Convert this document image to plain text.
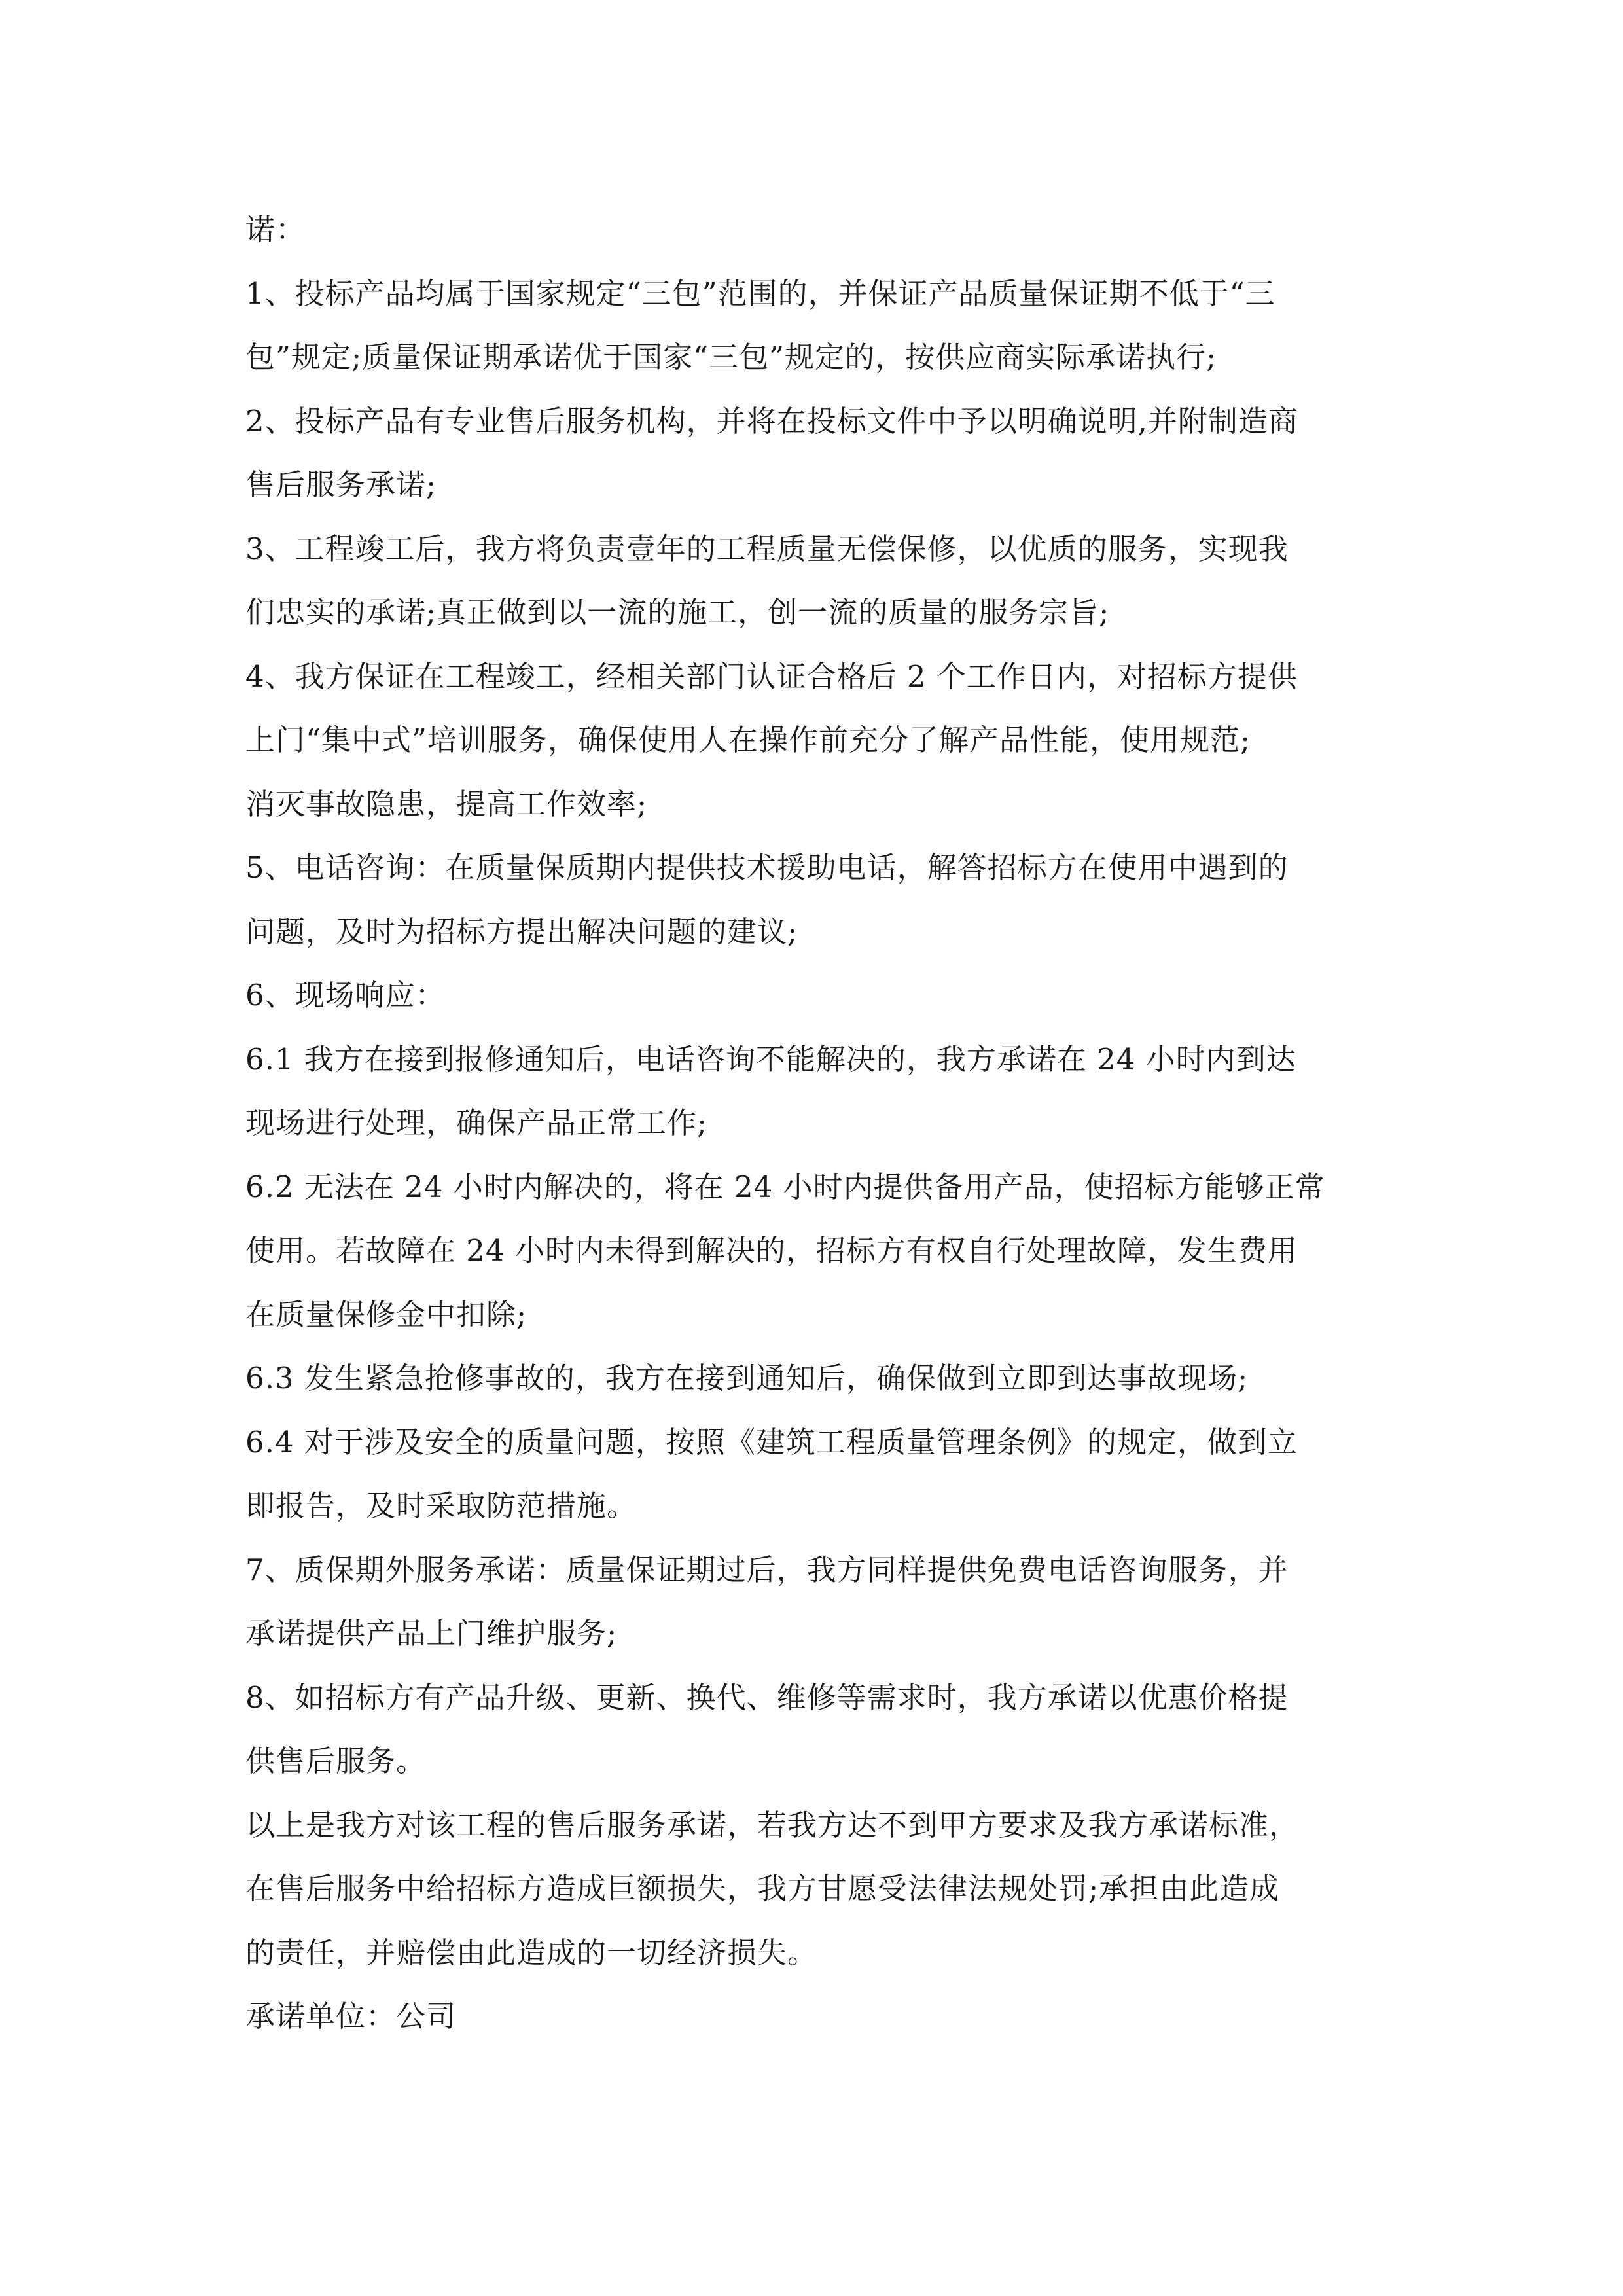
诺：
1、投标产品均属于国家规定“三包”范围的，并保证产品质量保证期不低于“三
包”规定;质量保证期承诺优于国家“三包”规定的，按供应商实际承诺执行;
2、投标产品有专业售后服务机构，并将在投标文件中予以明确说明,并附制造商
售后服务承诺;
3、工程竣工后，我方将负责壹年的工程质量无偿保修，以优质的服务，实现我
们忠实的承诺;真正做到以一流的施工，创一流的质量的服务宗旨;
4、我方保证在工程竣工，经相关部门认证合格后 2 个工作日内，对招标方提供
上门“集中式”培训服务，确保使用人在操作前充分了解产品性能，使用规范;
消灭事故隐患，提高工作效率;
5、电话咨询：在质量保质期内提供技术援助电话，解答招标方在使用中遇到的
问题，及时为招标方提出解决问题的建议;
6、现场响应：
6.1 我方在接到报修通知后，电话咨询不能解决的，我方承诺在 24 小时内到达
现场进行处理，确保产品正常工作;
6.2 无法在 24 小时内解决的，将在 24 小时内提供备用产品，使招标方能够正常
使用。若故障在 24 小时内未得到解决的，招标方有权自行处理故障，发生费用
在质量保修金中扣除;
6.3 发生紧急抢修事故的，我方在接到通知后，确保做到立即到达事故现场;
6.4 对于涉及安全的质量问题，按照《建筑工程质量管理条例》的规定，做到立
即报告，及时采取防范措施。
7、质保期外服务承诺：质量保证期过后，我方同样提供免费电话咨询服务，并
承诺提供产品上门维护服务;
8、如招标方有产品升级、更新、换代、维修等需求时，我方承诺以优惠价格提
供售后服务。
以上是我方对该工程的售后服务承诺，若我方达不到甲方要求及我方承诺标准，
在售后服务中给招标方造成巨额损失，我方甘愿受法律法规处罚;承担由此造成
的责任，并赔偿由此造成的一切经济损失。
承诺单位：公司
